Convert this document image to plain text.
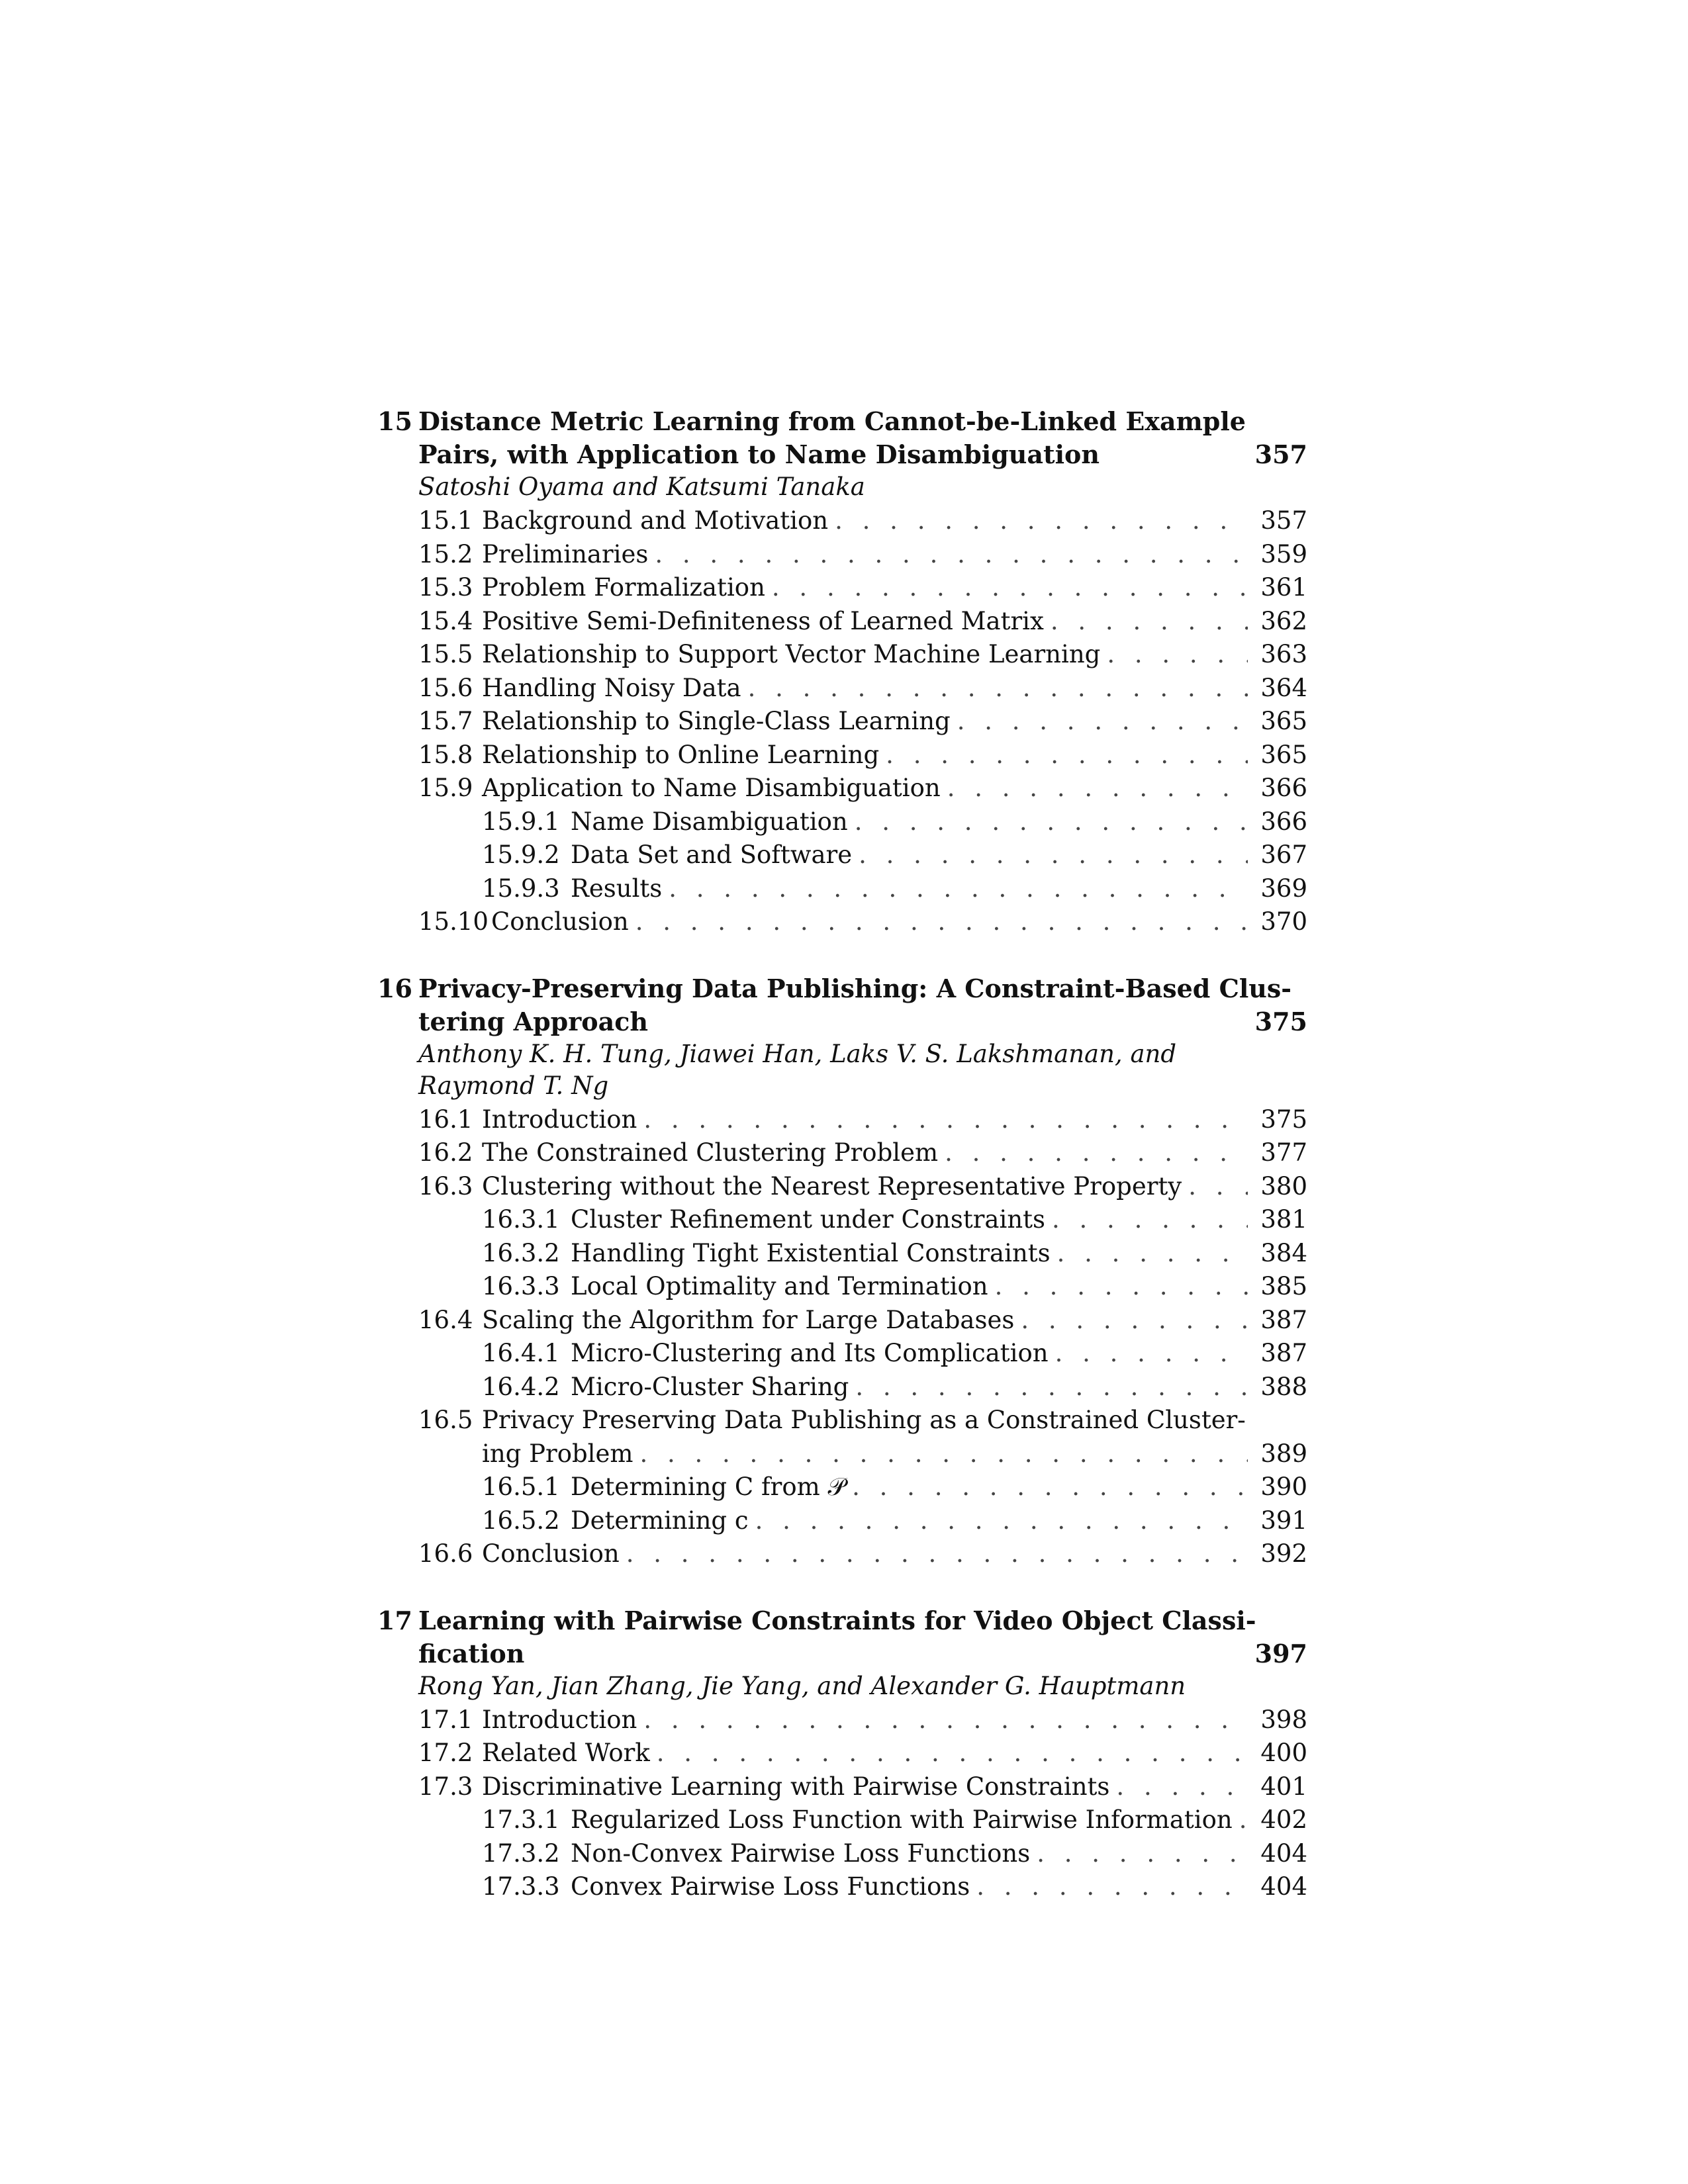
15 Distance Metric Learning from Cannot-be-Linked Example
Pairs, with Application to Name Disambiguation	357
Satoshi Oyama and Katsumi Tanaka
15.1 Background and Motivation . . .	357
15.2 Preliminaries . . .	359
15.3 Problem Formalization . . .	361
15.4 Positive Semi-Definiteness of Learned Matrix . . .	362
15.5 Relationship to Support Vector Machine Learning . . .	363
15.6 Handling Noisy Data . . .	364
15.7 Relationship to Single-Class Learning . . .	365
15.8 Relationship to Online Learning . . .	365
15.9 Application to Name Disambiguation . . .	366
15.9.1 Name Disambiguation . . .	366
15.9.2 Data Set and Software . . .	367
15.9.3 Results . . .	369
15.10 Conclusion . . .	370
16 Privacy-Preserving Data Publishing: A Constraint-Based Clus-
tering Approach	375
Anthony K. H. Tung, Jiawei Han, Laks V. S. Lakshmanan, and
Raymond T. Ng
16.1 Introduction . . .	375
16.2 The Constrained Clustering Problem . . .	377
16.3 Clustering without the Nearest Representative Property . . .	380
16.3.1 Cluster Refinement under Constraints . . .	381
16.3.2 Handling Tight Existential Constraints . . .	384
16.3.3 Local Optimality and Termination . . .	385
16.4 Scaling the Algorithm for Large Databases . . .	387
16.4.1 Micro-Clustering and Its Complication . . .	387
16.4.2 Micro-Cluster Sharing . . .	388
16.5 Privacy Preserving Data Publishing as a Constrained Cluster-
ing Problem . . .	389
16.5.1 Determining C from 𝒫 . . .	390
16.5.2 Determining c . . .	391
16.6 Conclusion . . .	392
17 Learning with Pairwise Constraints for Video Object Classi-
fication	397
Rong Yan, Jian Zhang, Jie Yang, and Alexander G. Hauptmann
17.1 Introduction . . .	398
17.2 Related Work . . .	400
17.3 Discriminative Learning with Pairwise Constraints . . .	401
17.3.1 Regularized Loss Function with Pairwise Information . . . 402
17.3.2 Non-Convex Pairwise Loss Functions . . .	404
17.3.3 Convex Pairwise Loss Functions . . .	404
